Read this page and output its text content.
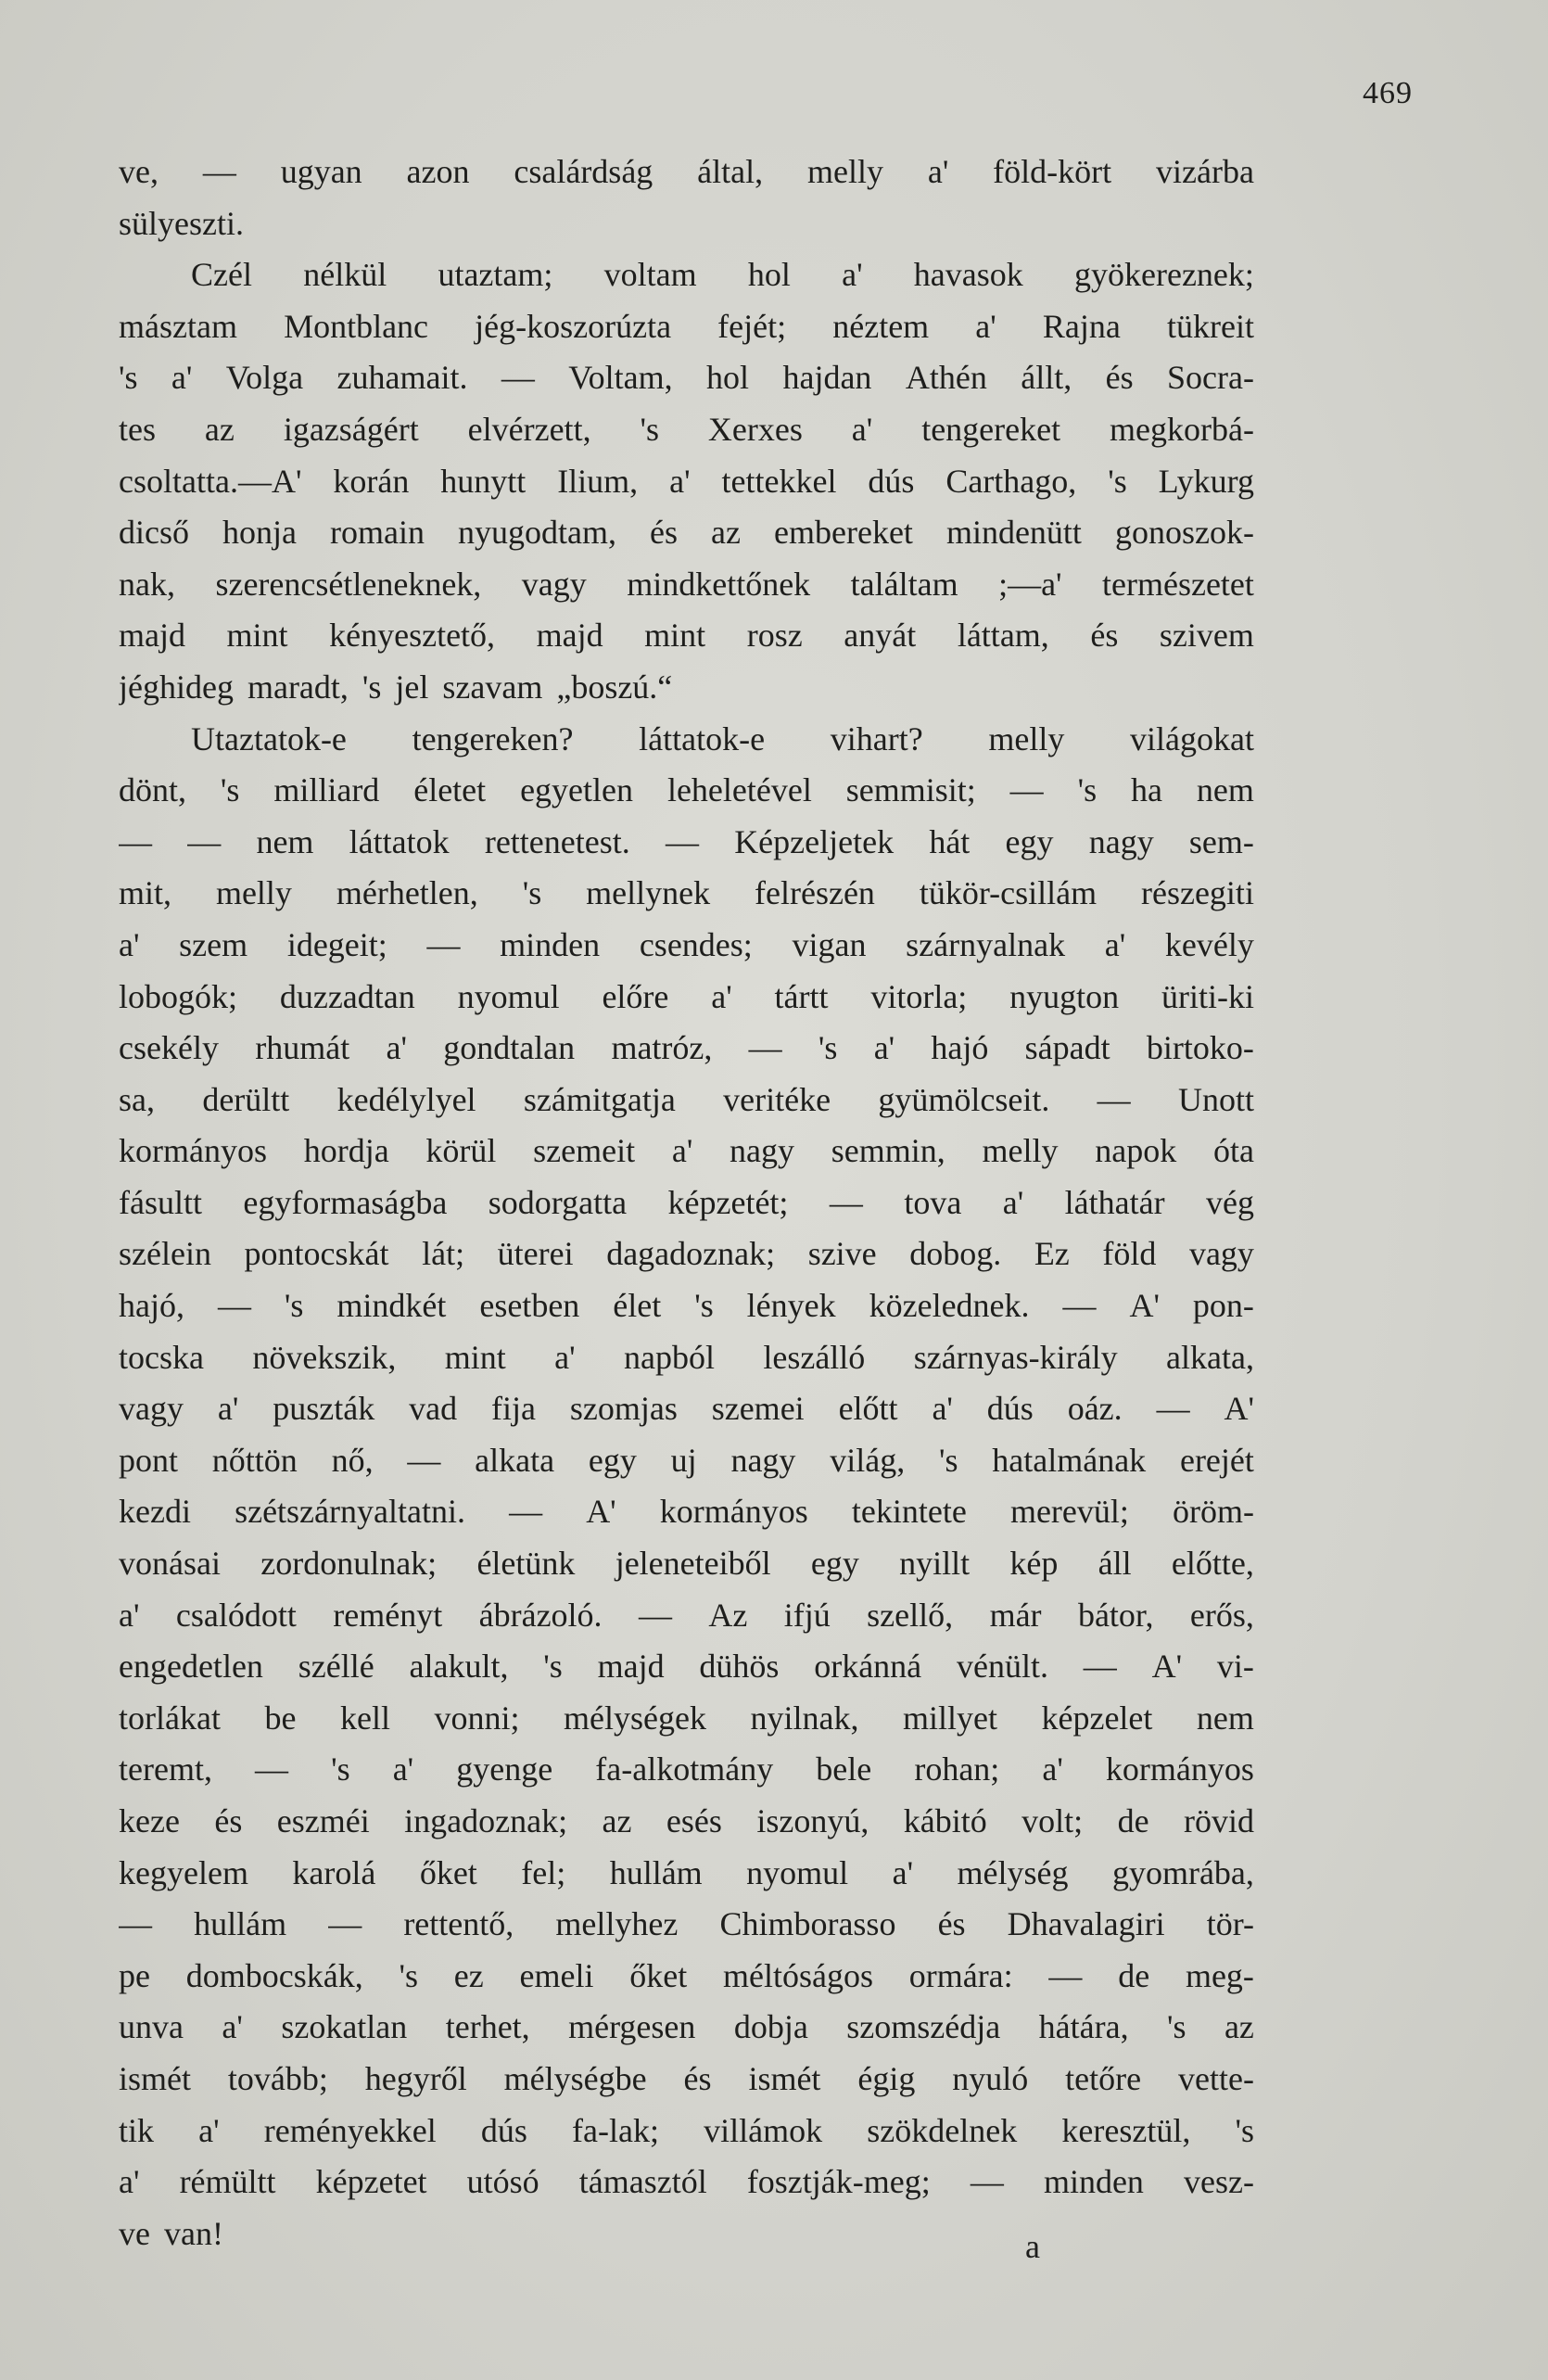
469
ve, — ugyan azon csalárdság által, melly a' föld-kört vizárba
sülyeszti.
Czél nélkül utaztam; voltam hol a' havasok gyökereznek;
másztam Montblanc jég-koszorúzta fejét; néztem a' Rajna tükreit
's a' Volga zuhamait. — Voltam, hol hajdan Athén állt, és Socra-
tes az igazságért elvérzett, 's Xerxes a' tengereket megkorbá-
csoltatta.—A' korán hunytt Ilium, a' tettekkel dús Carthago, 's Lykurg
dicső honja romain nyugodtam, és az embereket mindenütt gonoszok-
nak, szerencsétleneknek, vagy mindkettőnek találtam ;—a' természetet
majd mint kényesztető, majd mint rosz anyát láttam, és szivem
jéghideg maradt, 's jel szavam „boszú.“
Utaztatok-e tengereken? láttatok-e vihart? melly világokat
dönt, 's milliard életet egyetlen leheletével semmisit; — 's ha nem
— — nem láttatok rettenetest. — Képzeljetek hát egy nagy sem-
mit, melly mérhetlen, 's mellynek felrészén tükör-csillám részegiti
a' szem idegeit; — minden csendes; vigan szárnyalnak a' kevély
lobogók; duzzadtan nyomul előre a' tártt vitorla; nyugton üriti-ki
csekély rhumát a' gondtalan matróz, — 's a' hajó sápadt birtoko-
sa, derültt kedélylyel számitgatja veritéke gyümölcseit. — Unott
kormányos hordja körül szemeit a' nagy semmin, melly napok óta
fásultt egyformaságba sodorgatta képzetét; — tova a' láthatár vég
szélein pontocskát lát; üterei dagadoznak; szive dobog. Ez föld vagy
hajó, — 's mindkét esetben élet 's lények közelednek. — A' pon-
tocska növekszik, mint a' napból leszálló szárnyas-király alkata,
vagy a' puszták vad fija szomjas szemei előtt a' dús oáz. — A'
pont nőttön nő, — alkata egy uj nagy világ, 's hatalmának erejét
kezdi szétszárnyaltatni. — A' kormányos tekintete merevül; öröm-
vonásai zordonulnak; életünk jeleneteiből egy nyillt kép áll előtte,
a' csalódott reményt ábrázoló. — Az ifjú szellő, már bátor, erős,
engedetlen széllé alakult, 's majd dühös orkánná vénült. — A' vi-
torlákat be kell vonni; mélységek nyilnak, millyet képzelet nem
teremt, — 's a' gyenge fa-alkotmány bele rohan; a' kormányos
keze és eszméi ingadoznak; az esés iszonyú, kábitó volt; de rövid
kegyelem karolá őket fel; hullám nyomul a' mélység gyomrába,
— hullám — rettentő, mellyhez Chimborasso és Dhavalagiri tör-
pe dombocskák, 's ez emeli őket méltóságos ormára: — de meg-
unva a' szokatlan terhet, mérgesen dobja szomszédja hátára, 's az
ismét tovább; hegyről mélységbe és ismét égig nyuló tetőre vette-
tik a' reményekkel dús fa-lak; villámok szökdelnek keresztül, 's
a' rémültt képzetet utósó támasztól fosztják-meg; — minden vesz-
ve van!	a
